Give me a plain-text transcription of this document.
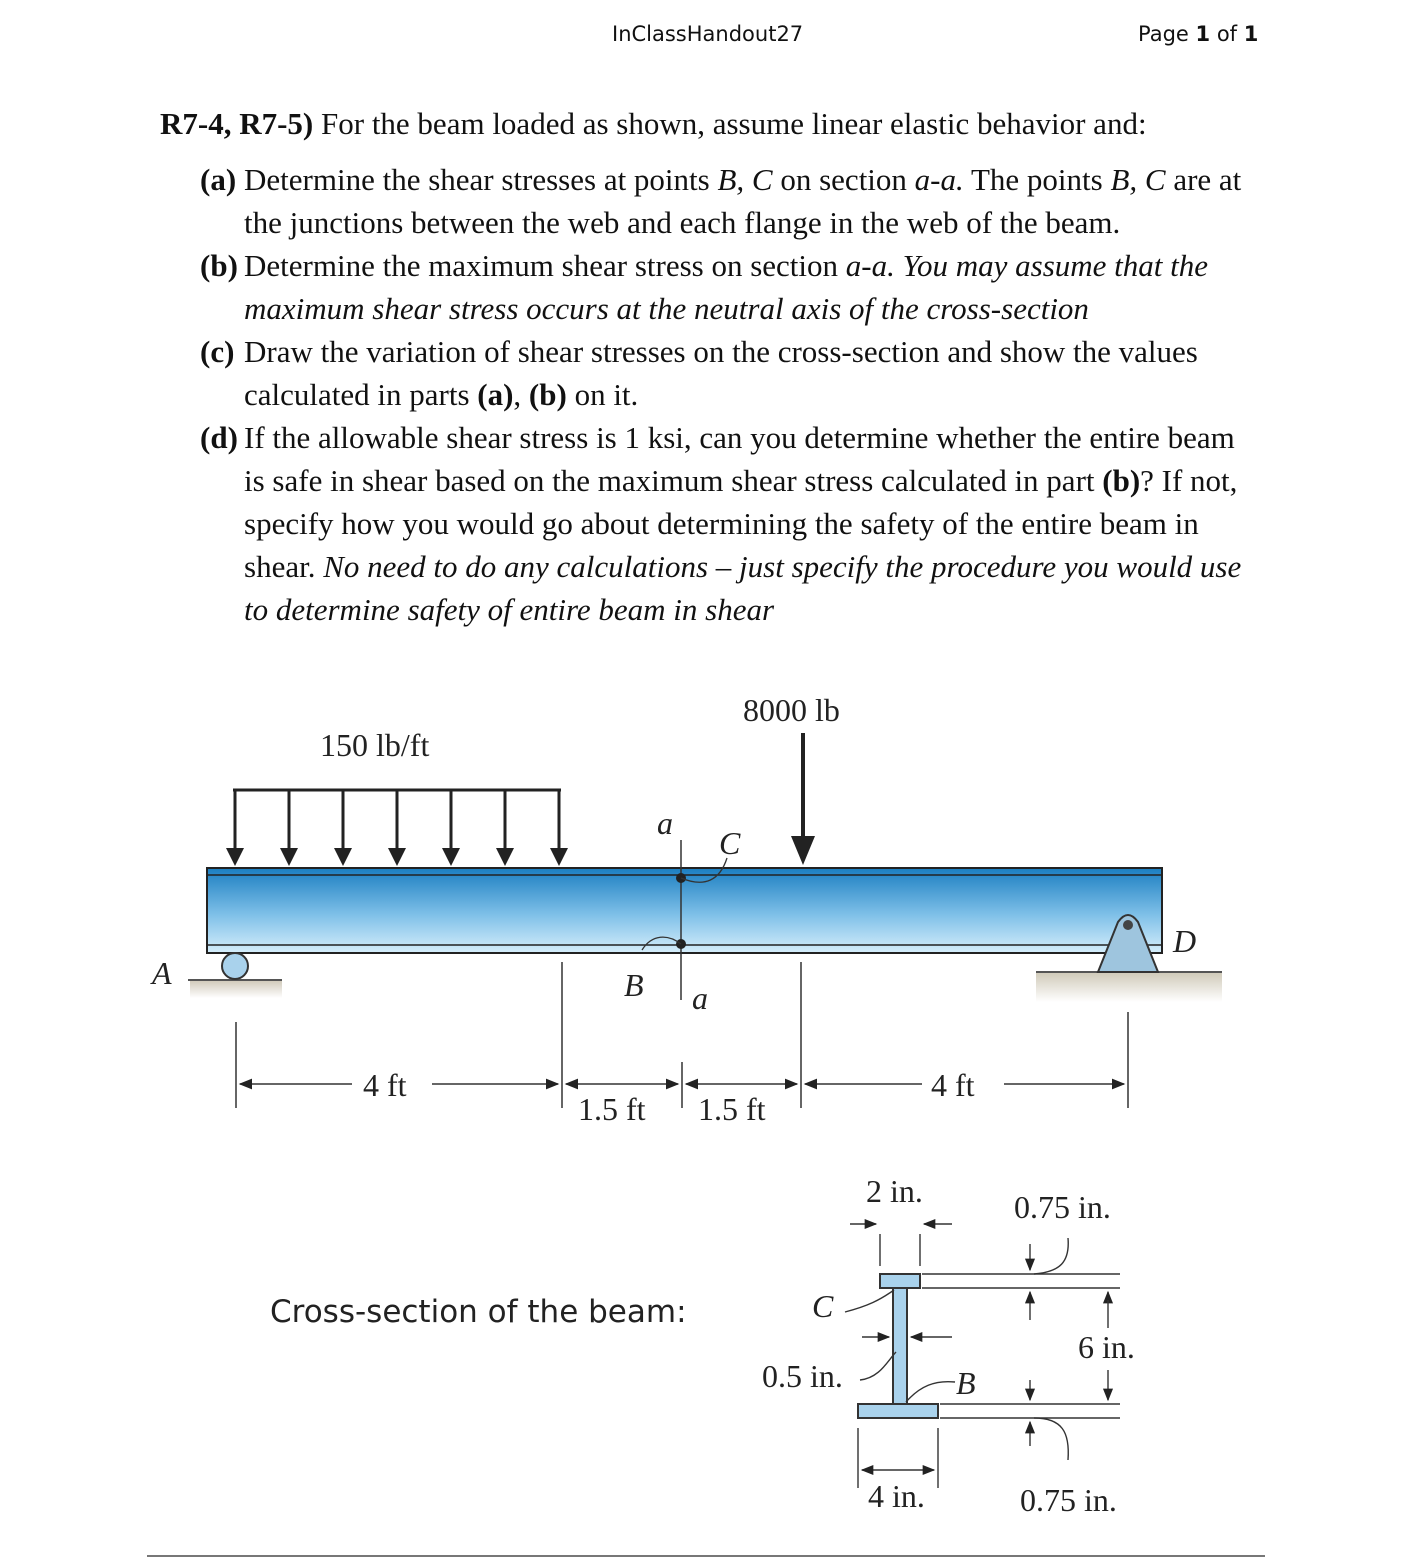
InClassHandout27	Page 1 of 1

R7-4, R7-5) For the beam loaded as shown, assume linear elastic behavior and:

(a) Determine the shear stresses at points B, C on section a-a. The points B, C are at the junctions between the web and each flange in the web of the beam.
(b) Determine the maximum shear stress on section a-a. You may assume that the maximum shear stress occurs at the neutral axis of the cross-section
(c) Draw the variation of shear stresses on the cross-section and show the values calculated in parts (a), (b) on it.
(d) If the allowable shear stress is 1 ksi, can you determine whether the entire beam is safe in shear based on the maximum shear stress calculated in part (b)? If not, specify how you would go about determining the safety of the entire beam in shear. No need to do any calculations – just specify the procedure you would use to determine safety of entire beam in shear
150 lb/ft
8000 lb
a
a
C
B
A
D
4 ft
1.5 ft 1.5 ft
4 ft
2 in.	0.75 in.
6 in.
0.5 in.
4 in.	0.75 in.
C
B
Cross-section of the beam:
